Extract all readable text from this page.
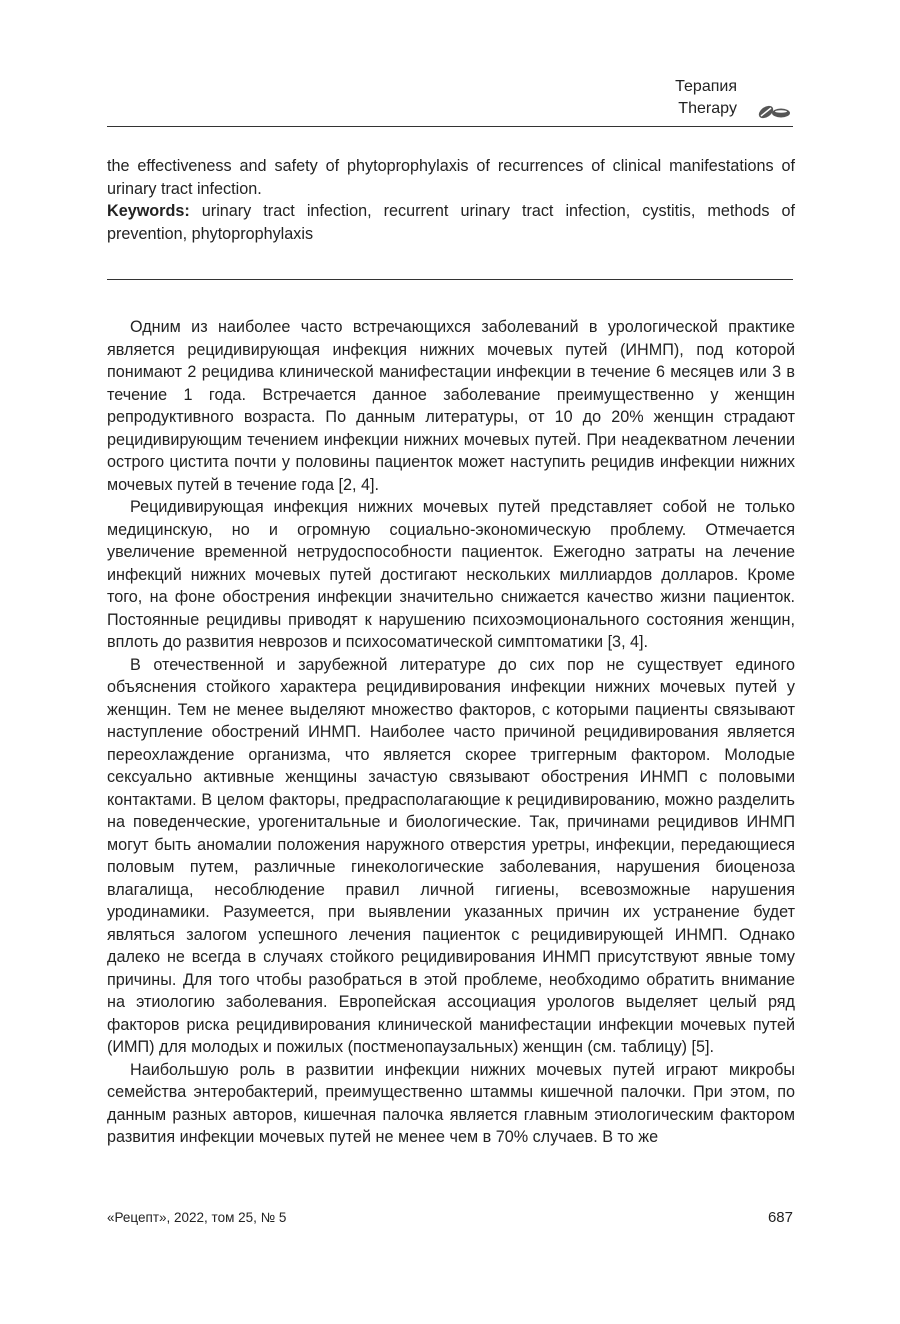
Терапия
Therapy

the effectiveness and safety of phytoprophylaxis of recurrences of clinical manifestations of urinary tract infection.

Keywords: urinary tract infection, recurrent urinary tract infection, cystitis, methods of prevention, phytoprophylaxis

Одним из наиболее часто встречающихся заболеваний в урологической практике является рецидивирующая инфекция нижних мочевых путей (ИНМП), под которой понимают 2 рецидива клинической манифестации инфекции в течение 6 месяцев или 3 в течение 1 года. Встречается данное заболевание преимущественно у женщин репродуктивного возраста. По данным литературы, от 10 до 20% женщин страдают рецидивирующим течением инфекции нижних мочевых путей. При неадекватном лечении острого цистита почти у половины пациенток может наступить рецидив инфекции нижних мочевых путей в течение года [2, 4].

Рецидивирующая инфекция нижних мочевых путей представляет собой не только медицинскую, но и огромную социально-экономическую проблему. Отмечается увеличение временной нетрудоспособности пациенток. Ежегодно затраты на лечение инфекций нижних мочевых путей достигают нескольких миллиардов долларов. Кроме того, на фоне обострения инфекции значительно снижается качество жизни пациенток. Постоянные рецидивы приводят к нарушению психоэмоционального состояния женщин, вплоть до развития неврозов и психосоматической симптоматики [3, 4].

В отечественной и зарубежной литературе до сих пор не существует единого объяснения стойкого характера рецидивирования инфекции нижних мочевых путей у женщин. Тем не менее выделяют множество факторов, с которыми пациенты связывают наступление обострений ИНМП. Наиболее часто причиной рецидивирования является переохлаждение организма, что является скорее триггерным фактором. Молодые сексуально активные женщины зачастую связывают обострения ИНМП с половыми контактами. В целом факторы, предрасполагающие к рецидивированию, можно разделить на поведенческие, урогенитальные и биологические. Так, причинами рецидивов ИНМП могут быть аномалии положения наружного отверстия уретры, инфекции, передающиеся половым путем, различные гинекологические заболевания, нарушения биоценоза влагалища, несоблюдение правил личной гигиены, всевозможные нарушения уродинамики. Разумеется, при выявлении указанных причин их устранение будет являться залогом успешного лечения пациенток с рецидивирующей ИНМП. Однако далеко не всегда в случаях стойкого рецидивирования ИНМП присутствуют явные тому причины. Для того чтобы разобраться в этой проблеме, необходимо обратить внимание на этиологию заболевания. Европейская ассоциация урологов выделяет целый ряд факторов риска рецидивирования клинической манифестации инфекции мочевых путей (ИМП) для молодых и пожилых (постменопаузальных) женщин (см. таблицу) [5].

Наибольшую роль в развитии инфекции нижних мочевых путей играют микробы семейства энтеробактерий, преимущественно штаммы кишечной палочки. При этом, по данным разных авторов, кишечная палочка является главным этиологическим фактором развития инфекции мочевых путей не менее чем в 70% случаев. В то же

«Рецепт», 2022, том 25, № 5	687
